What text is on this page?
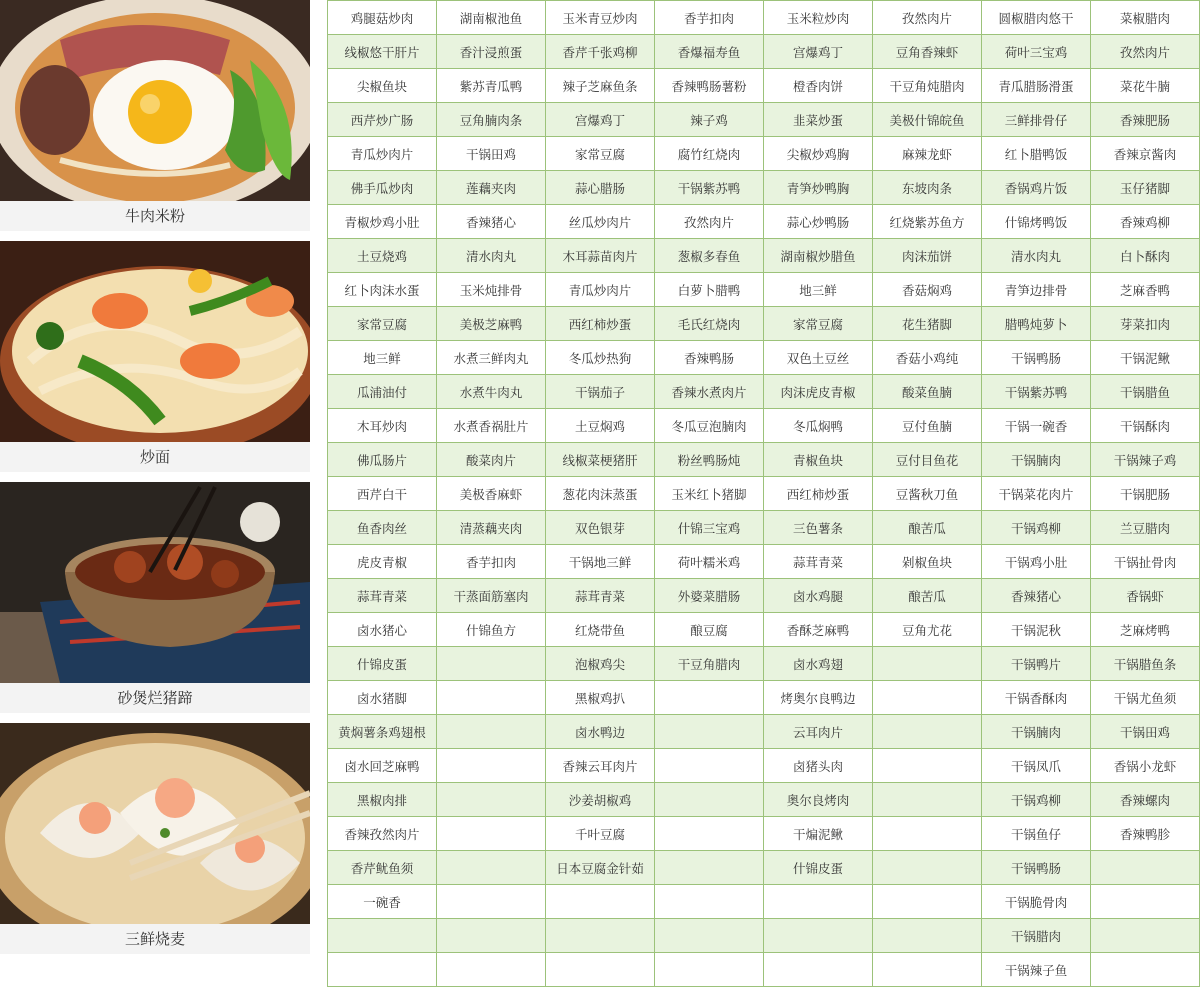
牛肉米粉
炒面
砂煲烂猪蹄
三鲜烧麦
鸡腿菇炒肉	湖南椒池鱼	玉米青豆炒肉	香芋扣肉	玉米粒炒肉	孜然肉片	圆椒腊肉悠干	菜椒腊肉
线椒悠干肝片	香汁浸煎蛋	香芹千张鸡柳	香爆福寿鱼	宫爆鸡丁	豆角香辣虾	荷叶三宝鸡	孜然肉片
尖椒鱼块	紫苏青瓜鸭	辣子芝麻鱼条	香辣鸭肠薯粉	橙香肉饼	干豆角炖腊肉	青瓜腊肠滑蛋	菜花牛腩
西芹炒广肠	豆角腩肉条	宫爆鸡丁	辣子鸡	韭菜炒蛋	美极什锦皖鱼	三鲜排骨仔	香辣肥肠
青瓜炒肉片	干锅田鸡	家常豆腐	腐竹红烧肉	尖椒炒鸡胸	麻辣龙虾	红卜腊鸭饭	香辣京酱肉
佛手瓜炒肉	莲藕夹肉	蒜心腊肠	干锅紫苏鸭	青笋炒鸭胸	东坡肉条	香锅鸡片饭	玉仔猪脚
青椒炒鸡小肚	香辣猪心	丝瓜炒肉片	孜然肉片	蒜心炒鸭肠	红烧紫苏鱼方	什锦烤鸭饭	香辣鸡柳
土豆烧鸡	清水肉丸	木耳蒜苗肉片	葱椒多春鱼	湖南椒炒腊鱼	肉沫茄饼	清水肉丸	白卜酥肉
红卜肉沫水蛋	玉米炖排骨	青瓜炒肉片	白萝卜腊鸭	地三鲜	香菇焖鸡	青笋边排骨	芝麻香鸭
家常豆腐	美极芝麻鸭	西红柿炒蛋	毛氏红烧肉	家常豆腐	花生猪脚	腊鸭炖萝卜	芽菜扣肉
地三鲜	水煮三鲜肉丸	冬瓜炒热狗	香辣鸭肠	双色土豆丝	香菇小鸡纯	干锅鸭肠	干锅泥鳅
瓜浦油付	水煮牛肉丸	干锅茄子	香辣水煮肉片	肉沫虎皮青椒	酸菜鱼腩	干锅紫苏鸭	干锅腊鱼
木耳炒肉	水煮香祸肚片	土豆焖鸡	冬瓜豆泡腩肉	冬瓜焖鸭	豆付鱼腩	干锅一碗香	干锅酥肉
佛瓜肠片	酸菜肉片	线椒菜梗猪肝	粉丝鸭肠炖	青椒鱼块	豆付目鱼花	干锅腩肉	干锅辣子鸡
西芹白干	美极香麻虾	葱花肉沫蒸蛋	玉米红卜猪脚	西红柿炒蛋	豆酱秋刀鱼	干锅菜花肉片	干锅肥肠
鱼香肉丝	清蒸藕夹肉	双色银芽	什锦三宝鸡	三色薯条	酿苦瓜	干锅鸡柳	兰豆腊肉
虎皮青椒	香芋扣肉	干锅地三鲜	荷叶糯米鸡	蒜茸青菜	剁椒鱼块	干锅鸡小肚	干锅扯骨肉
蒜茸青菜	干蒸面筋塞肉	蒜茸青菜	外婆菜腊肠	卤水鸡腿	酿苦瓜	香辣猪心	香锅虾
卤水猪心	什锦鱼方	红烧带鱼	酿豆腐	香酥芝麻鸭	豆角尤花	干锅泥秋	芝麻烤鸭
什锦皮蛋		泡椒鸡尖	干豆角腊肉	卤水鸡翅		干锅鸭片	干锅腊鱼条
卤水猪脚		黑椒鸡扒		烤奥尔良鸭边		干锅香酥肉	干锅尤鱼须
黄焖薯条鸡翅根		卤水鸭边		云耳肉片		干锅腩肉	干锅田鸡
卤水回芝麻鸭		香辣云耳肉片		卤猪头肉		干锅凤爪	香锅小龙虾
黑椒肉排		沙姜胡椒鸡		奥尔良烤肉		干锅鸡柳	香辣螺肉
香辣孜然肉片		千叶豆腐		干煸泥鳅		干锅鱼仔	香辣鸭胗
香芹鱿鱼须		日本豆腐金针茹		什锦皮蛋		干锅鸭肠	
一碗香						干锅脆骨肉	
						干锅腊肉	
						干锅辣子鱼	
